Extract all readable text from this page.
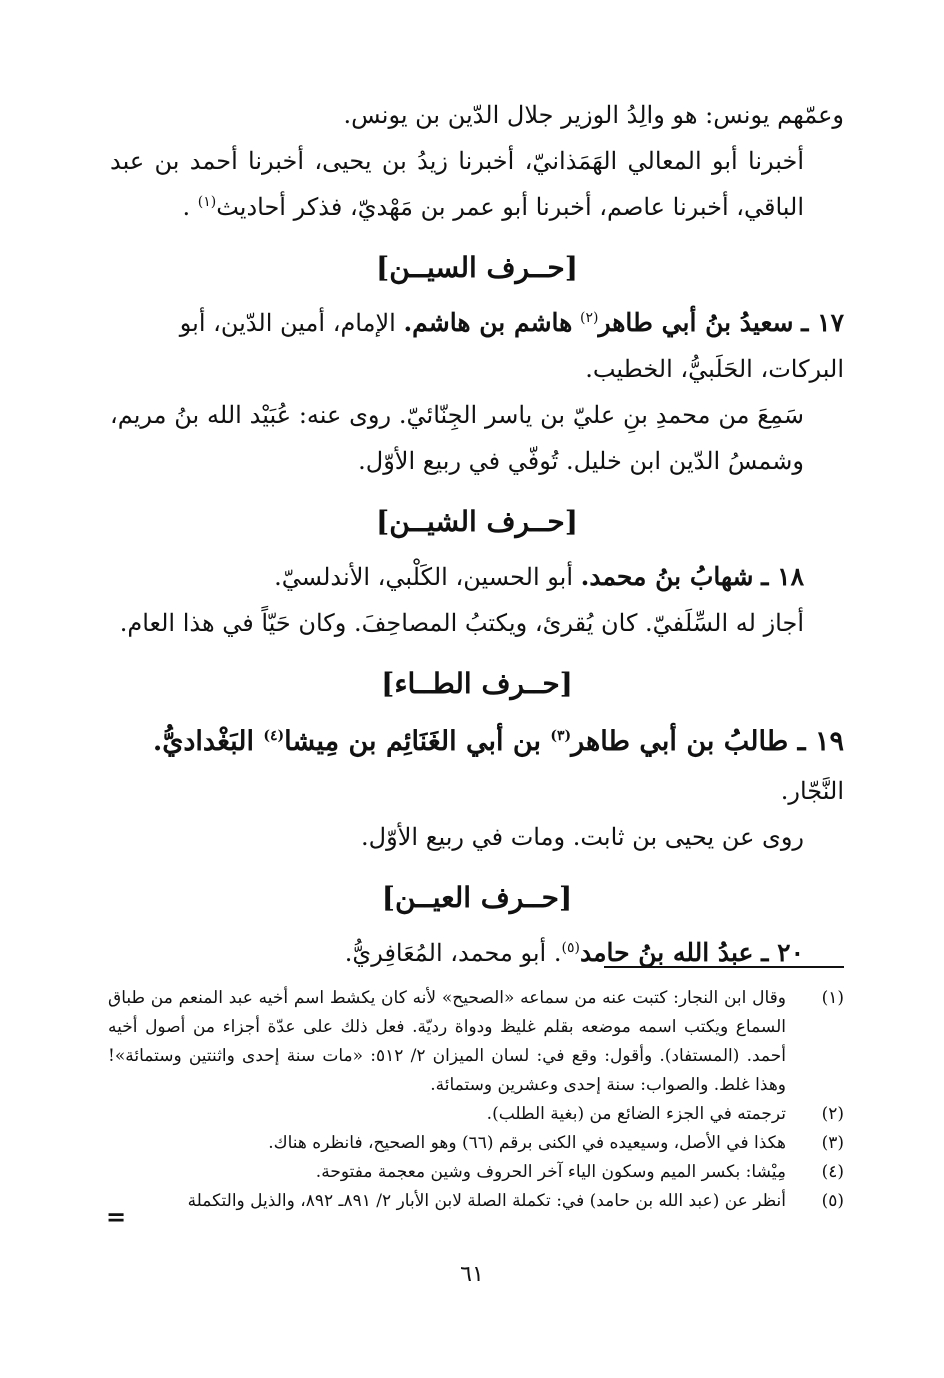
وعمّهم يونس: هو والِدُ الوزير جلال الدّين بن يونس.

أخبرنا أبو المعالي الهَمَذانيّ، أخبرنا زيدُ بن يحيى، أخبرنا أحمد بن عبد الباقي، أخبرنا عاصم، أخبرنا أبو عمر بن مَهْديّ، فذكر أحاديث$^{(١)}$ .

[حــرف السيــن]

١٧ ـ سعيدُ بنُ أبي طاهر$^{(٢)}$ هاشم بن هاشم. الإمام، أمين الدّين، أبو البركات، الحَلَبيُّ، الخطيب.

سَمِعَ من محمدِ بنِ عليّ بن ياسر الجِنّائيّ. روى عنه: عُبَيْد الله بنُ مريم، وشمسُ الدّين ابن خليل. تُوفّي في ربيع الأوّل.

[حــرف الشيــن]

١٨ ـ شهابُ بنُ محمد. أبو الحسين، الكَلْبي، الأندلسيّ.

أجاز له السِّلَفيّ. كان يُقرئ، ويكتبُ المصاحِفَ. وكان حَيّاً في هذا العام.

[حــرف الطــاء]

١٩ ـ طالبُ بن أبي طاهر$^{(٣)}$ بن أبي الغَنَائِم بن مِيشا$^{(٤)}$ البَغْداديُّ.

النَّجّار.

روى عن يحيى بن ثابت. ومات في ربيع الأوّل.

[حــرف العيــن]

٢٠ ـ عبدُ الله بنُ حامد$^{(٥)}$. أبو محمد، المُعَافِريُّ.

(١)
وقال ابن النجار: كتبت عنه من سماعه «الصحيح» لأنه كان يكشط اسم أخيه عبد المنعم من طباق السماع ويكتب اسمه موضعه بقلم غليظ ودواة رديّة. فعل ذلك على عدّة أجزاء من أصول أخيه أحمد. (المستفاد). وأقول: وقع في: لسان الميزان ٢/ ٥١٢: «مات سنة إحدى واثنتين وستمائة»! وهذا غلط. والصواب: سنة إحدى وعشرين وستمائة.
(٢)
ترجمته في الجزء الضائع من (بغية الطلب).
(٣)
هكذا في الأصل، وسيعيده في الكنى برقم (٦٦) وهو الصحيح، فانظره هناك.
(٤)
مِيْشا: بكسر الميم وسكون الياء آخر الحروف وشين معجمة مفتوحة.
(٥)
أنظر عن (عبد الله بن حامد) في: تكملة الصلة لابن الأبار ٢/ ٨٩١ـ ٨٩٢، والذيل والتكملة
=
٦١
